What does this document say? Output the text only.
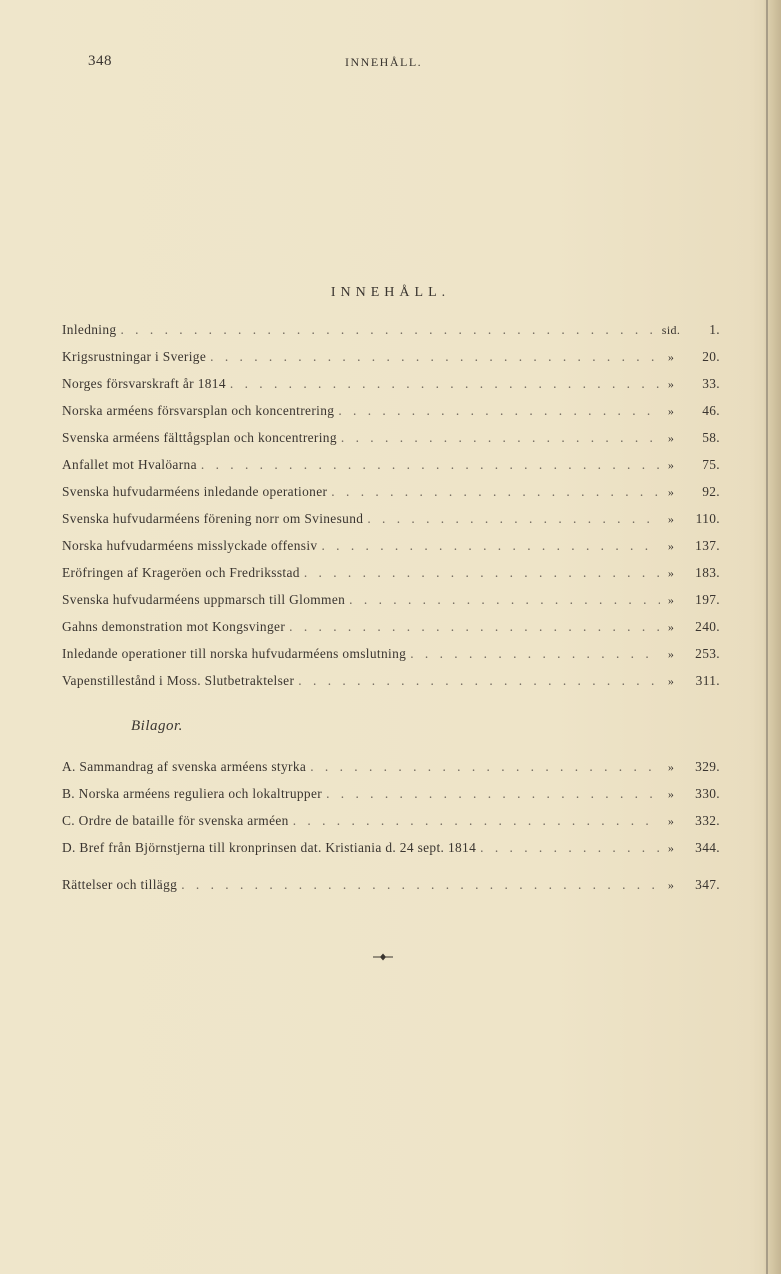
348	INNEHÅLL.
INNEHÅLL.
Inledning . . .	sid.	1.
Krigsrustningar i Sverige . . .	»	20.
Norges försvarskraft år 1814 . . .	»	33.
Norska arméens försvarsplan och koncentrering . . .	»	46.
Svenska arméens fälttågsplan och koncentrering . . .	»	58.
Anfallet mot Hvalöarna . . .	»	75.
Svenska hufvudarméens inledande operationer . . .	»	92.
Svenska hufvudarméens förening norr om Svinesund . . .	»	110.
Norska hufvudarméens misslyckade offensiv . . .	»	137.
Eröfringen af Krageröen och Fredriksstad . . .	»	183.
Svenska hufvudarméens uppmarsch till Glommen . . .	»	197.
Gahns demonstration mot Kongsvinger . . .	»	240.
Inledande operationer till norska hufvudarméens omslutning . . .	»	253.
Vapenstillestånd i Moss. Slutbetraktelser . . .	»	311.
Bilagor.
A. Sammandrag af svenska arméens styrka . . .	»	329.
B. Norska arméens reguliera och lokaltrupper . . .	»	330.
C. Ordre de bataille för svenska arméen . . .	»	332.
D. Bref från Björnstjerna till kronprinsen dat. Kristiania d. 24 sept. 1814 . . .	»	344.
Rättelser och tillägg . . .	»	347.
